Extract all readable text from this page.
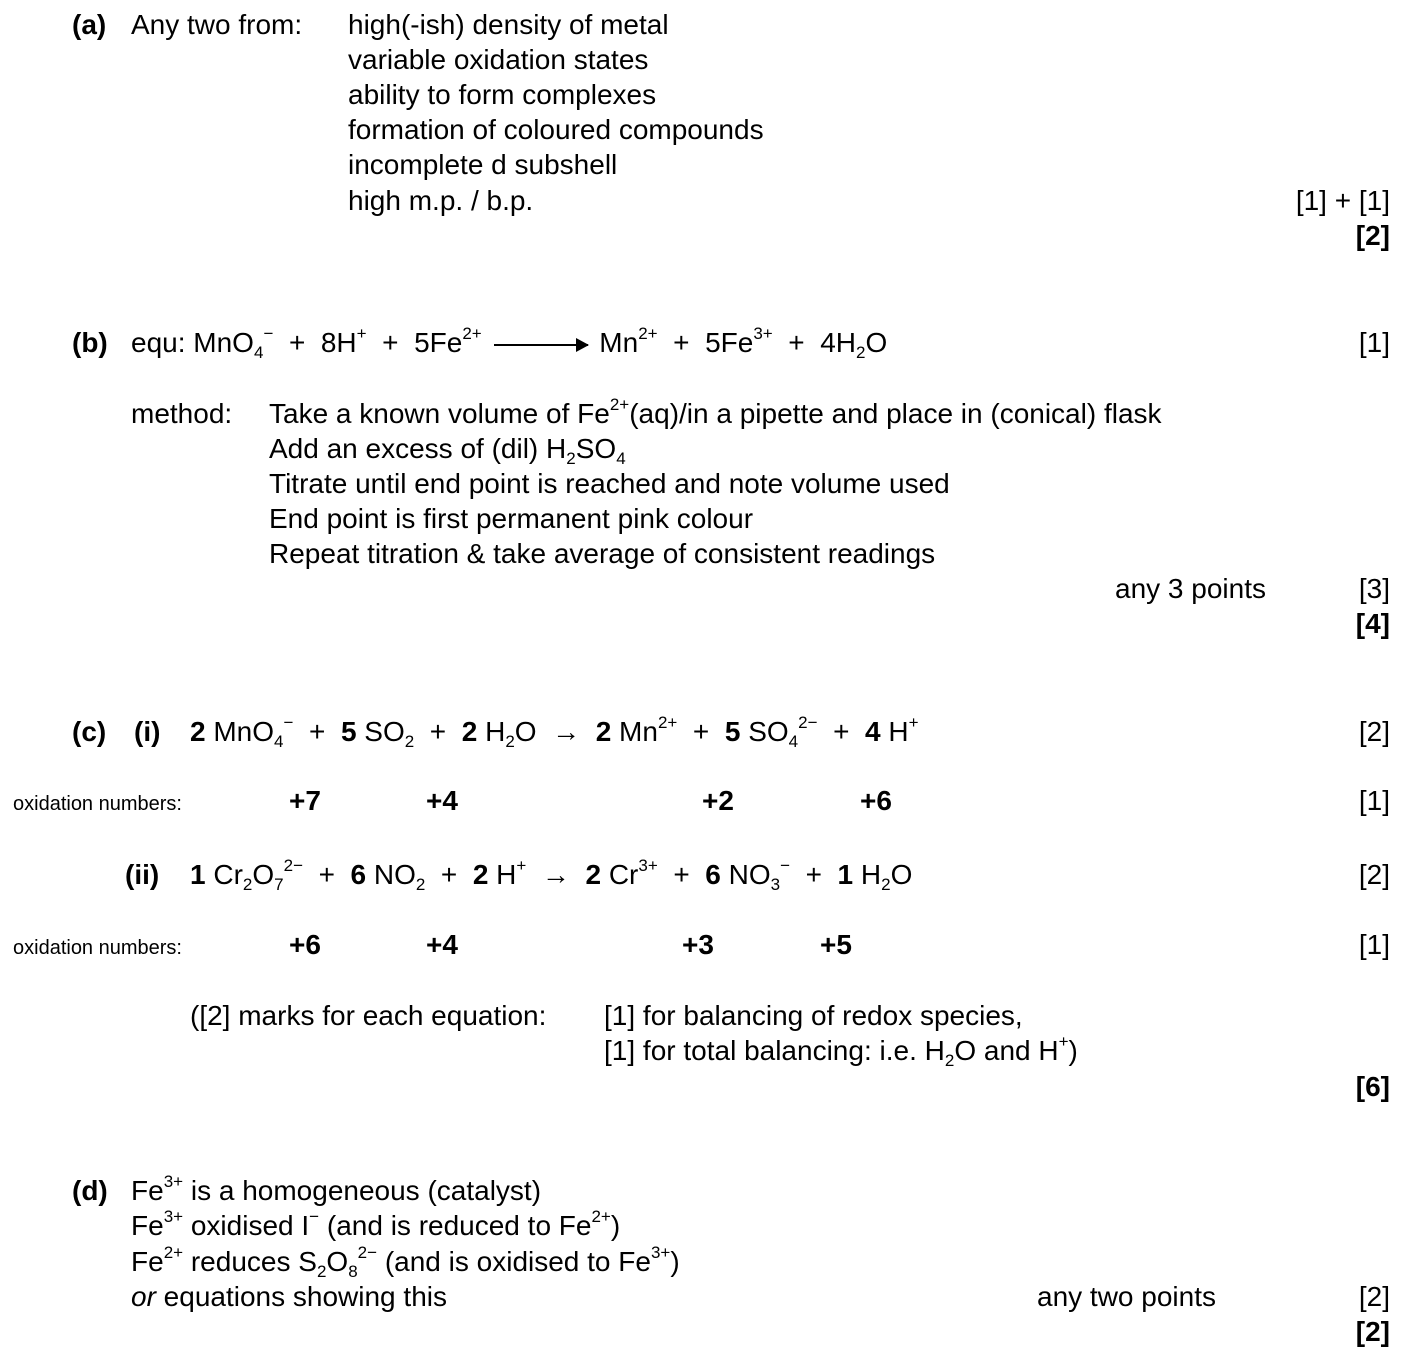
(a) Any two from: high(-ish) density of metal
variable oxidation states
ability to form complexes
formation of coloured compounds
incomplete d subshell
high m.p. / b.p.	[1] + [1]
[2]
(b) equ: $MnO_4^- + 8H^+ + 5Fe^{2+} \to Mn^{2+} + 5Fe^{3+} + 4H_2O$	[1]
method: Take a known volume of $Fe^{2+}(aq)/in$ a pipette and place in (conical) flask
Add an excess of (dil) $H_2SO_4$
Titrate until end point is reached and note volume used
End point is first permanent pink colour
Repeat titration & take average of consistent readings
any 3 points	[3]
[4]
(c) (i) 2 MnO$_4$− + 5 $SO_2 + 2$ $H_2O \to 2$ $Mn^{2+} + 5$ $SO_4^{2-} + 4$ H+	[2]
oxidation numbers:	+7	+4	+2	+6	[1]
(ii) 1 $Cr_2O_7^{2-} + 6$ $NO_2 + 2$ H+ → 2 $Cr^{3+} + 6$ $NO_3^- + 1$ $H_2O$	[2]
oxidation numbers:	+6	+4	+3	+5	[1]
([2] marks for each equation: [1] for balancing of redox species,
[1] for total balancing: i.e. $H_2O$ and H+)
[6]
(d) $Fe^{3+}$ is a homogeneous (catalyst)
$Fe^{3+}$ oxidised I− (and is reduced to $Fe^{2+}$)
$Fe^{2+}$ reduces $S_2O_8^{2-}$ (and is oxidised to $Fe^{3+}$)
or equations showing this	any two points	[2]
[2]
